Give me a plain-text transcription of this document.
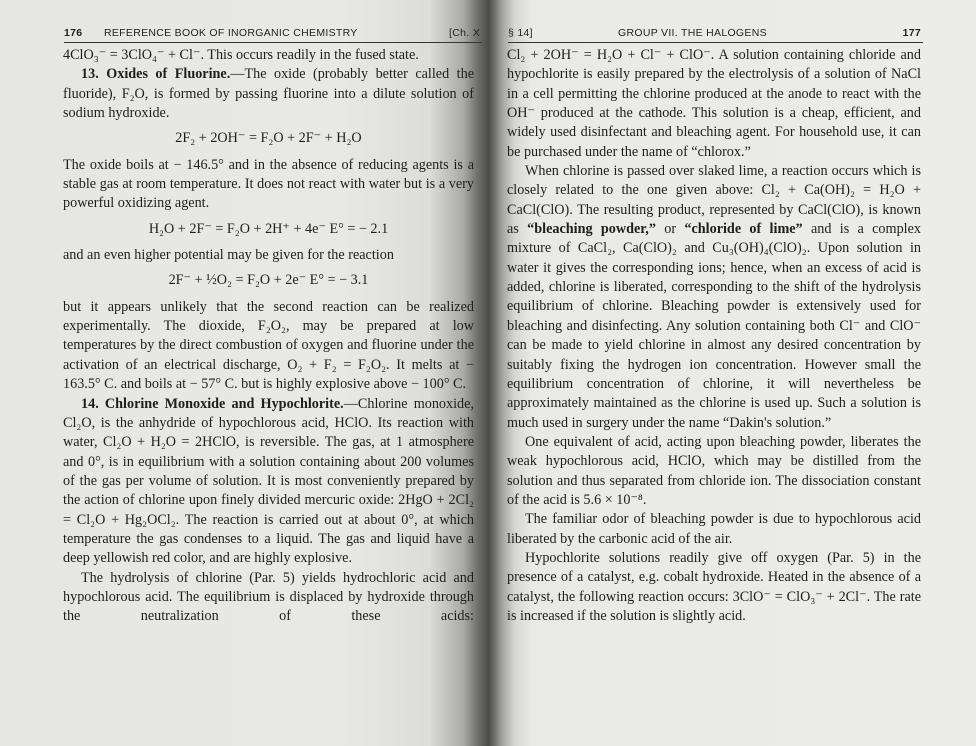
176 REFERENCE BOOK OF INORGANIC CHEMISTRY	[Ch. X

4ClO₃⁻ = 3ClO₄⁻ + Cl⁻. This occurs readily in the fused state.

13. Oxides of Fluorine.—The oxide (probably better called the fluoride), F₂O, is formed by passing fluorine into a dilute solution of sodium hydroxide.

2F₂ + 2OH⁻ = F₂O + 2F⁻ + H₂O

The oxide boils at − 146.5° and in the absence of reducing agents is a stable gas at room temperature. It does not react with water but is a very powerful oxidizing agent.

H₂O + 2F⁻ = F₂O + 2H⁺ + 4e⁻ E° = − 2.1

and an even higher potential may be given for the reaction

2F⁻ + ½O₂ = F₂O + 2e⁻ E° = − 3.1

but it appears unlikely that the second reaction can be realized experimentally. The dioxide, F₂O₂, may be prepared at low temperatures by the direct combustion of oxygen and fluorine under the activation of an electrical discharge, O₂ + F₂ = F₂O₂. It melts at − 163.5° C. and boils at − 57° C. but is highly explosive above − 100° C.

14. Chlorine Monoxide and Hypochlorite.—Chlorine monoxide, Cl₂O, is the anhydride of hypochlorous acid, HClO. Its reaction with water, Cl₂O + H₂O = 2HClO, is reversible. The gas, at 1 atmosphere and 0°, is in equilibrium with a solution containing about 200 volumes of the gas per volume of solution. It is most conveniently prepared by the action of chlorine upon finely divided mercuric oxide: 2HgO + 2Cl₂ = Cl₂O + Hg₂OCl₂. The reaction is carried out at about 0°, at which temperature the gas condenses to a liquid. The gas and liquid have a deep yellowish red color, and are highly explosive.

The hydrolysis of chlorine (Par. 5) yields hydrochloric acid and hypochlorous acid. The equilibrium is displaced by hydroxide through the neutralization of these acids:

§ 14]	GROUP VII. THE HALOGENS	177

Cl₂ + 2OH⁻ = H₂O + Cl⁻ + ClO⁻. A solution containing chloride and hypochlorite is easily prepared by the electrolysis of a solution of NaCl in a cell permitting the chlorine produced at the anode to react with the OH⁻ produced at the cathode. This solution is a cheap, efficient, and widely used disinfectant and bleaching agent. For household use, it can be purchased under the name of “chlorox.”

When chlorine is passed over slaked lime, a reaction occurs which is closely related to the one given above: Cl₂ + Ca(OH)₂ = H₂O + CaCl(ClO). The resulting product, represented by CaCl(ClO), is known as “bleaching powder,” or “chloride of lime” and is a complex mixture of CaCl₂, Ca(ClO)₂ and Cu₃(OH)₄(ClO)₂. Upon solution in water it gives the corresponding ions; hence, when an excess of acid is added, chlorine is liberated, corresponding to the shift of the hydrolysis equilibrium of chlorine. Bleaching powder is extensively used for bleaching and disinfecting. Any solution containing both Cl⁻ and ClO⁻ can be made to yield chlorine in almost any desired concentration by suitably fixing the hydrogen ion concentration. However small the equilibrium concentration of chlorine, it will nevertheless be approximately maintained as the chlorine is used up. Such a solution is much used in surgery under the name “Dakin's solution.”

One equivalent of acid, acting upon bleaching powder, liberates the weak hypochlorous acid, HClO, which may be distilled from the solution and thus separated from chloride ion. The dissociation constant of the acid is 5.6 × 10⁻⁸.

The familiar odor of bleaching powder is due to hypochlorous acid liberated by the carbonic acid of the air.

Hypochlorite solutions readily give off oxygen (Par. 5) in the presence of a catalyst, e.g. cobalt hydroxide. Heated in the absence of a catalyst, the following reaction occurs: 3ClO⁻ = ClO₃⁻ + 2Cl⁻. The rate is increased if the solution is slightly acid.
